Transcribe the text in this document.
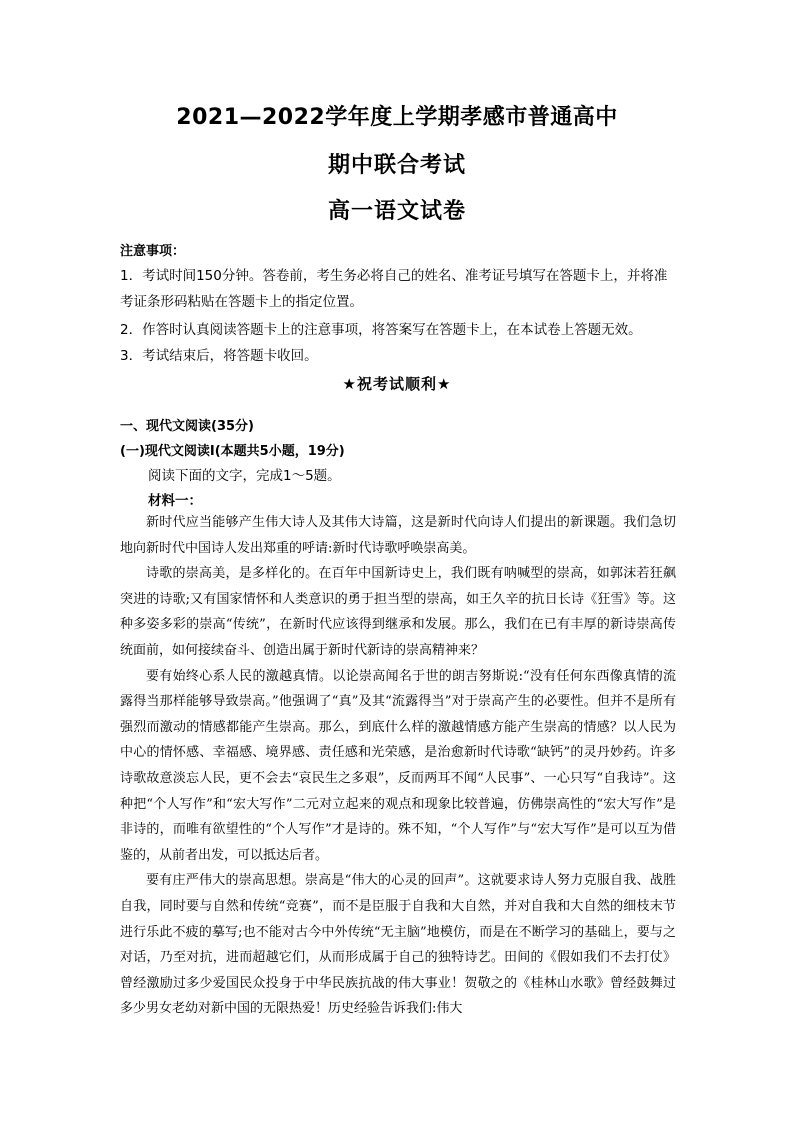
2021—2022学年度上学期孝感市普通高中
期中联合考试
高一语文试卷
注意事项：
1．考试时间150分钟。答卷前，考生务必将自己的姓名、准考证号填写在答题卡上，并将准考证条形码粘贴在答题卡上的指定位置。
2．作答时认真阅读答题卡上的注意事项，将答案写在答题卡上，在本试卷上答题无效。
3．考试结束后，将答题卡收回。
★祝考试顺利★
一、现代文阅读(35分)
(一)现代文阅读Ⅰ(本题共5小题，19分)
阅读下面的文字，完成1～5题。
材料一：

新时代应当能够产生伟大诗人及其伟大诗篇，这是新时代向诗人们提出的新课题。我们急切地向新时代中国诗人发出郑重的呼请:新时代诗歌呼唤崇高美。

诗歌的崇高美，是多样化的。在百年中国新诗史上，我们既有呐喊型的崇高，如郭沫若狂飙突进的诗歌;又有国家情怀和人类意识的勇于担当型的崇高，如王久辛的抗日长诗《狂雪》等。这种多姿多彩的崇高“传统”，在新时代应该得到继承和发展。那么，我们在已有丰厚的新诗崇高传统面前，如何接续奋斗、创造出属于新时代新诗的崇高精神来？

要有始终心系人民的激越真情。以论崇高闻名于世的朗吉努斯说:“没有任何东西像真情的流露得当那样能够导致崇高。”他强调了“真”及其“流露得当”对于崇高产生的必要性。但并不是所有强烈而激动的情感都能产生崇高。那么，到底什么样的激越情感方能产生崇高的情感？以人民为中心的情怀感、幸福感、境界感、责任感和光荣感，是治愈新时代诗歌“缺钙”的灵丹妙药。许多诗歌故意淡忘人民，更不会去“哀民生之多艰”，反而两耳不闻“人民事”、一心只写“自我诗”。这种把“个人写作”和“宏大写作”二元对立起来的观点和现象比较普遍，仿佛崇高性的“宏大写作”是非诗的，而唯有欲望性的“个人写作”才是诗的。殊不知，“个人写作”与“宏大写作”是可以互为借鉴的，从前者出发，可以抵达后者。

要有庄严伟大的崇高思想。崇高是“伟大的心灵的回声”。这就要求诗人努力克服自我、战胜自我，同时要与自然和传统“竞赛”，而不是臣服于自我和大自然，并对自我和大自然的细枝末节进行乐此不疲的摹写;也不能对古今中外传统“无主脑”地模仿，而是在不断学习的基础上，要与之对话，乃至对抗，进而超越它们，从而形成属于自己的独特诗艺。田间的《假如我们不去打仗》曾经激励过多少爱国民众投身于中华民族抗战的伟大事业！贺敬之的《桂林山水歌》曾经鼓舞过多少男女老幼对新中国的无限热爱！历史经验告诉我们:伟大
